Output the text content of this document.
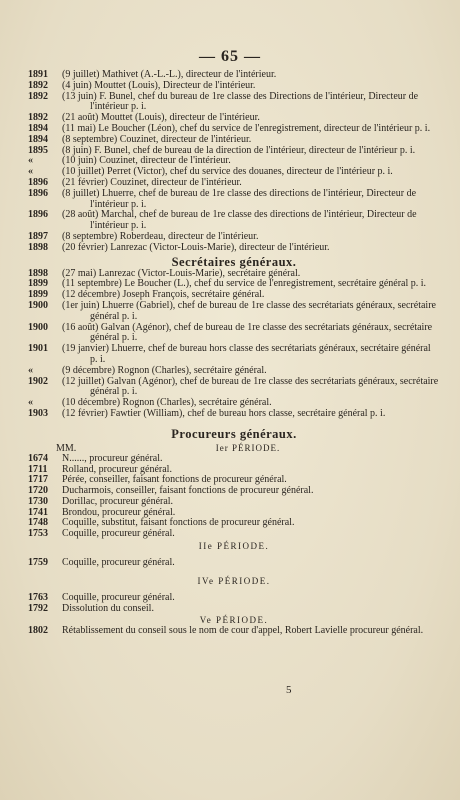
— 65 —
1891	(9 juillet) Mathivet (A.-L.-L.), directeur de l'intérieur.
1892	(4 juin) Mouttet (Louis), Directeur de l'intérieur.
1892	(13 juin) F. Bunel, chef du bureau de 1re classe des Directions de l'intérieur, Directeur de l'intérieur p. i.
1892	(21 août) Mouttet (Louis), directeur de l'intérieur.
1894	(11 mai) Le Boucher (Léon), chef du service de l'enregistrement, directeur de l'intérieur p. i.
1894	(8 septembre) Couzinet, directeur de l'intérieur.
1895	(8 juin) F. Bunel, chef de bureau de la direction de l'intérieur, directeur de l'intérieur p. i.
«	(10 juin) Couzinet, directeur de l'intérieur.
«	(10 juillet) Perret (Victor), chef du service des douanes, directeur de l'intérieur p. i.
1896	(21 février) Couzinet, directeur de l'intérieur.
1896	(8 juillet) Lhuerre, chef de bureau de 1re classe des directions de l'intérieur, Directeur de l'intérieur p. i.
1896	(28 août) Marchal, chef de bureau de 1re classe des directions de l'intérieur, Directeur de l'intérieur p. i.
1897	(8 septembre) Roberdeau, directeur de l'intérieur.
1898	(20 février) Lanrezac (Victor-Louis-Marie), directeur de l'intérieur.
Secrétaires généraux.
1898	(27 mai) Lanrezac (Victor-Louis-Marie), secrétaire général.
1899	(11 septembre) Le Boucher (L.), chef du service de l'enregistrement, secrétaire général p. i.
1899	(12 décembre) Joseph François, secrétaire général.
1900	(1er juin) Lhuerre (Gabriel), chef de bureau de 1re classe des secrétariats généraux, secrétaire général p. i.
1900	(16 août) Galvan (Agénor), chef de bureau de 1re classe des secrétariats généraux, secrétaire général p. i.
1901	(19 janvier) Lhuerre, chef de bureau hors classe des secrétariats généraux, secrétaire général p. i.
«	(9 décembre) Rognon (Charles), secrétaire général.
1902	(12 juillet) Galvan (Agénor), chef de bureau de 1re classe des secrétariats généraux, secrétaire général p. i.
«	(10 décembre) Rognon (Charles), secrétaire général.
1903	(12 février) Fawtier (William), chef de bureau hors classe, secrétaire général p. i.
Procureurs généraux.
MM.	Ier PÉRIODE.
1674	N......, procureur général.
1711	Rolland, procureur général.
1717	Pérée, conseiller, faisant fonctions de procureur général.
1720	Ducharmois, conseiller, faisant fonctions de procureur général.
1730	Dorillac, procureur général.
1741	Brondou, procureur général.
1748	Coquille, substitut, faisant fonctions de procureur général.
1753	Coquille, procureur général.
IIe PÉRIODE.
1759	Coquille, procureur général.
IVe PÉRIODE.
1763	Coquille, procureur général.
1792	Dissolution du conseil.
Ve PÉRIODE.
1802	Rétablissement du conseil sous le nom de cour d'appel, Robert Lavielle procureur général.
5
